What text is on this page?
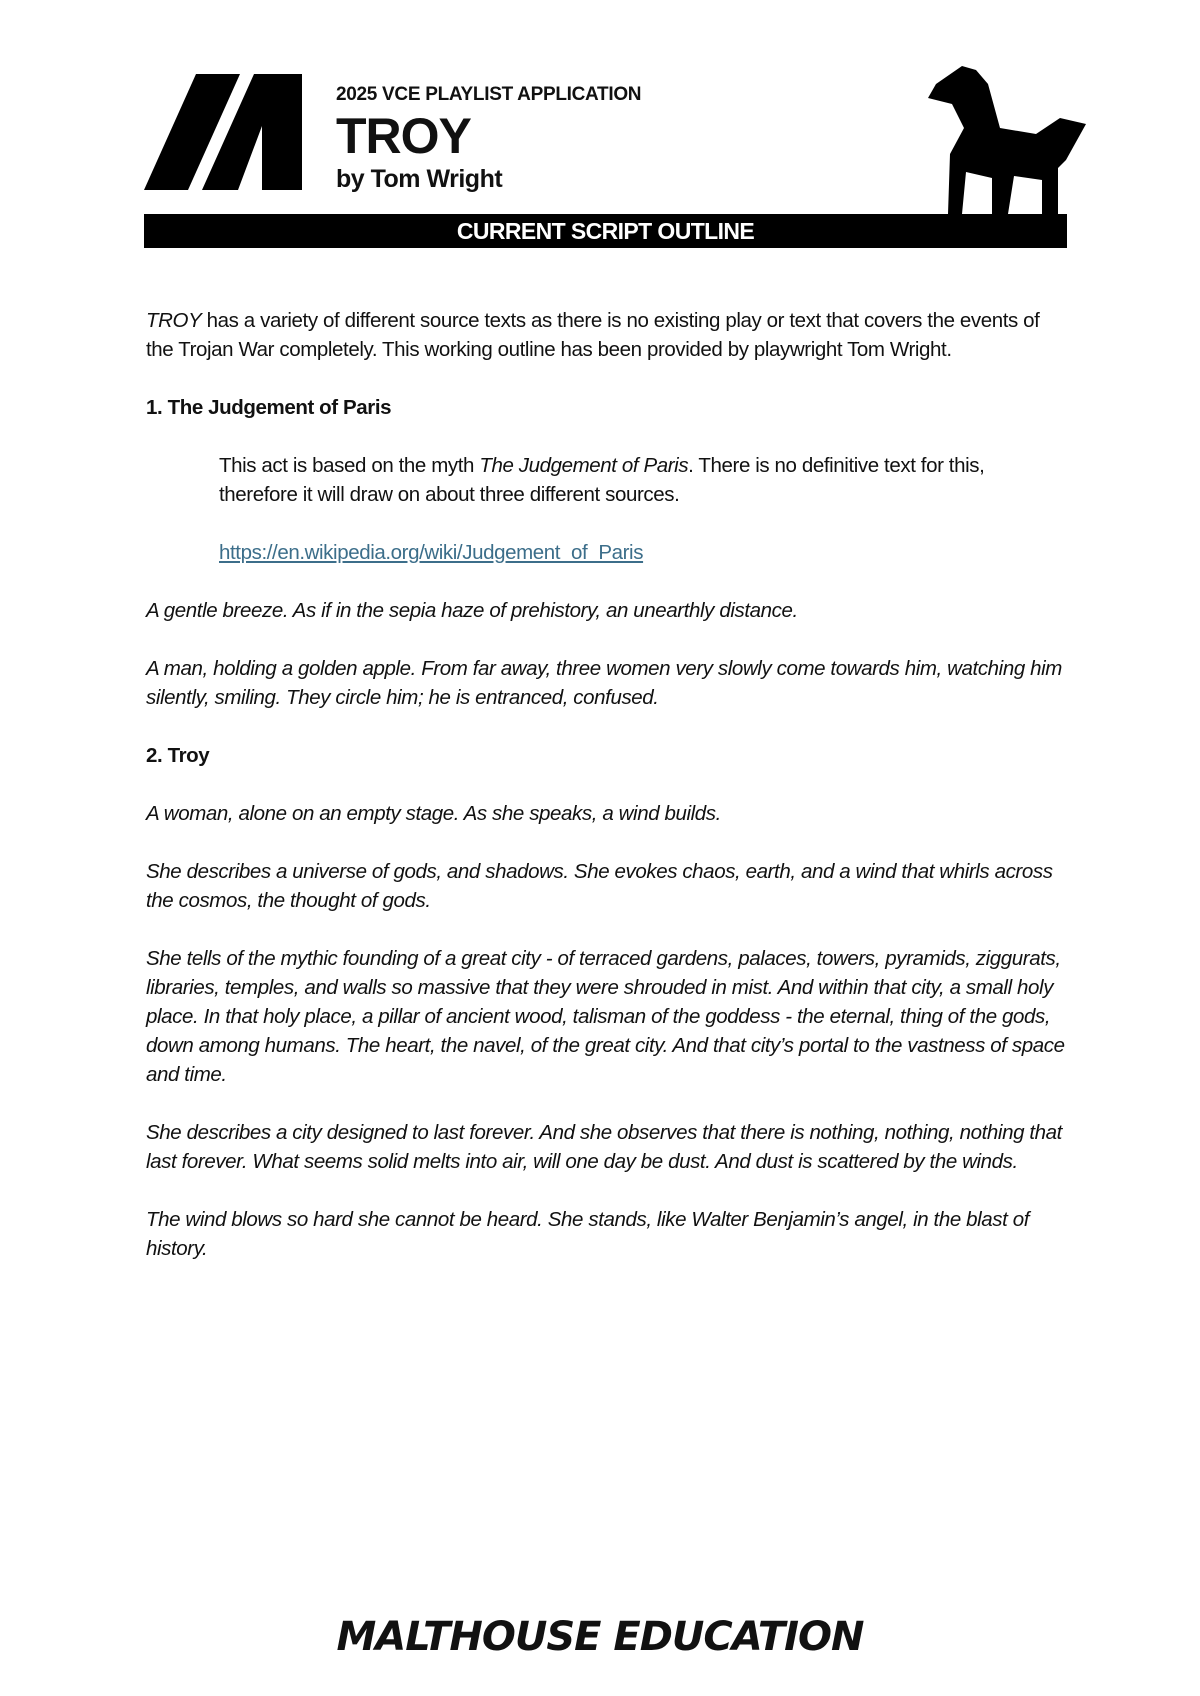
2025 VCE PLAYLIST APPLICATION
TROY
by Tom Wright
CURRENT SCRIPT OUTLINE

TROY has a variety of different source texts as there is no existing play or text that covers the events of the Trojan War completely. This working outline has been provided by playwright Tom Wright.

1. The Judgement of Paris

This act is based on the myth The Judgement of Paris. There is no definitive text for this, therefore it will draw on about three different sources.

https://en.wikipedia.org/wiki/Judgement_of_Paris

A gentle breeze. As if in the sepia haze of prehistory, an unearthly distance.

A man, holding a golden apple. From far away, three women very slowly come towards him, watching him silently, smiling. They circle him; he is entranced, confused.

2. Troy

A woman, alone on an empty stage. As she speaks, a wind builds.

She describes a universe of gods, and shadows. She evokes chaos, earth, and a wind that whirls across the cosmos, the thought of gods.

She tells of the mythic founding of a great city - of terraced gardens, palaces, towers, pyramids, ziggurats, libraries, temples, and walls so massive that they were shrouded in mist. And within that city, a small holy place. In that holy place, a pillar of ancient wood, talisman of the goddess - the eternal, thing of the gods, down among humans. The heart, the navel, of the great city. And that city’s portal to the vastness of space and time.

She describes a city designed to last forever. And she observes that there is nothing, nothing, nothing that last forever. What seems solid melts into air, will one day be dust. And dust is scattered by the winds.

The wind blows so hard she cannot be heard. She stands, like Walter Benjamin’s angel, in the blast of history.

MALTHOUSE EDUCATION
